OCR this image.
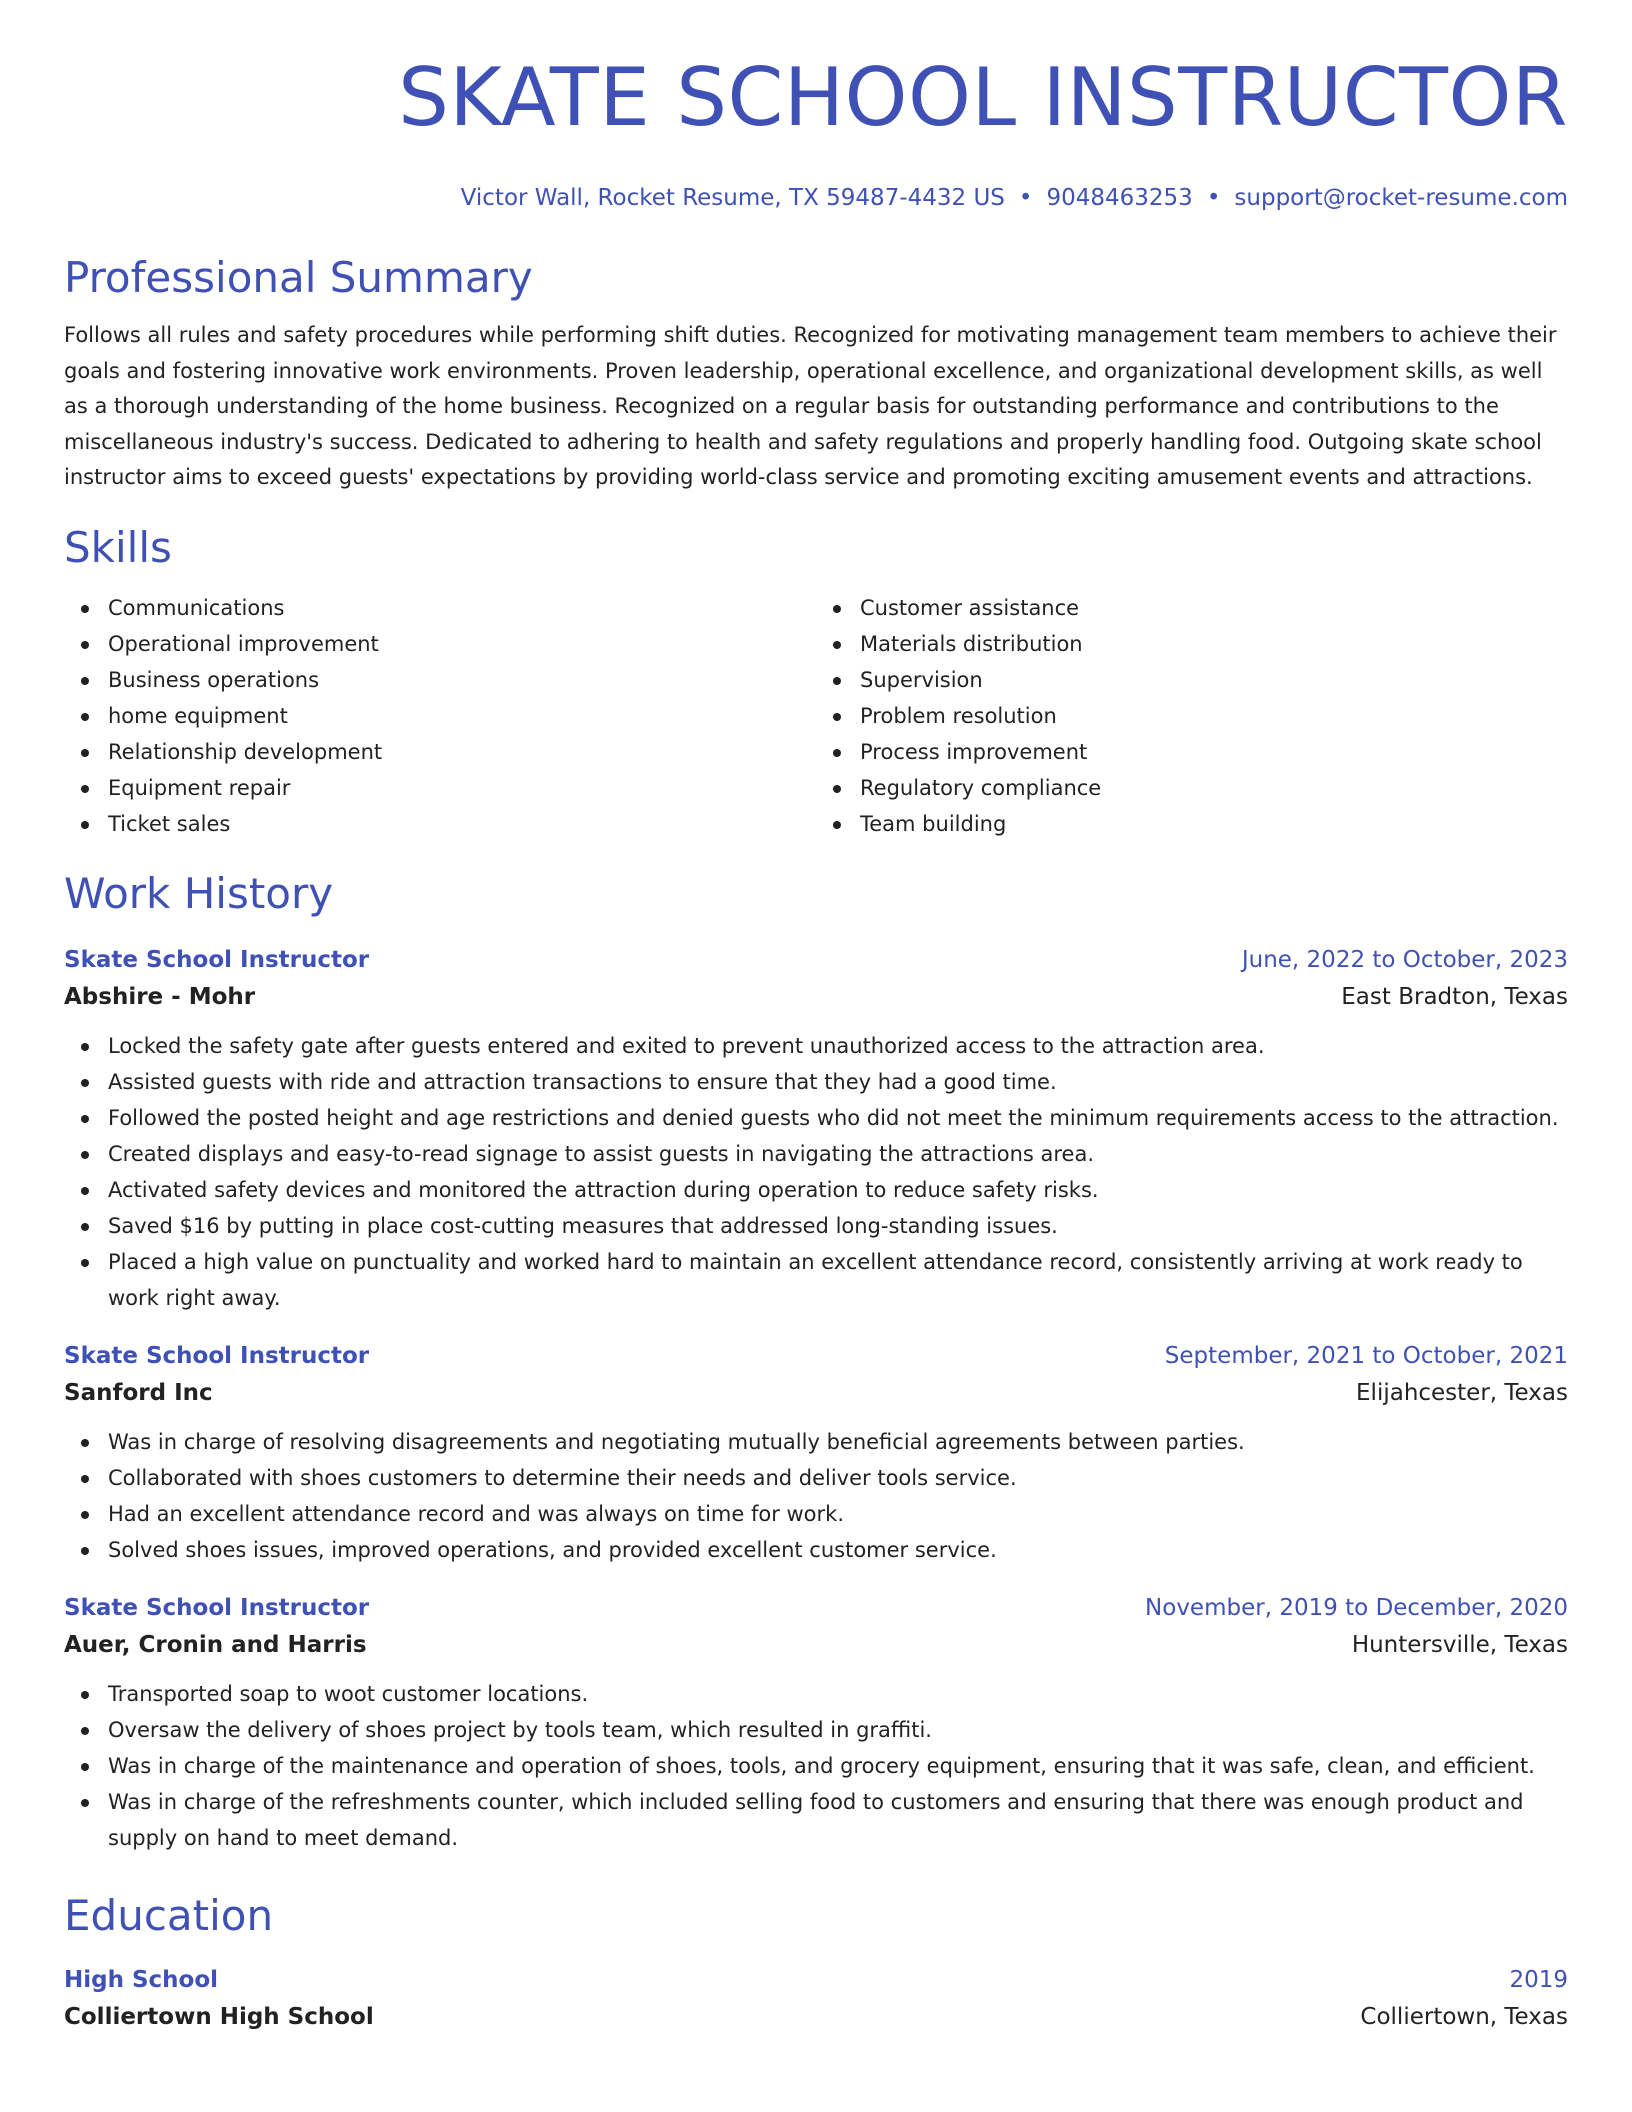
SKATE SCHOOL INSTRUCTOR
Victor Wall, Rocket Resume, TX 59487-4432 US • 9048463253 • support@rocket-resume.com
Professional Summary
Follows all rules and safety procedures while performing shift duties. Recognized for motivating management team members to achieve their goals and fostering innovative work environments. Proven leadership, operational excellence, and organizational development skills, as well as a thorough understanding of the home business. Recognized on a regular basis for outstanding performance and contributions to the miscellaneous industry's success. Dedicated to adhering to health and safety regulations and properly handling food. Outgoing skate school instructor aims to exceed guests' expectations by providing world-class service and promoting exciting amusement events and attractions.
Skills
Communications
Operational improvement
Business operations
home equipment
Relationship development
Equipment repair
Ticket sales
Customer assistance
Materials distribution
Supervision
Problem resolution
Process improvement
Regulatory compliance
Team building
Work History
Skate School Instructor	June, 2022 to October, 2023
Abshire - Mohr	East Bradton, Texas
Locked the safety gate after guests entered and exited to prevent unauthorized access to the attraction area.
Assisted guests with ride and attraction transactions to ensure that they had a good time.
Followed the posted height and age restrictions and denied guests who did not meet the minimum requirements access to the attraction.
Created displays and easy-to-read signage to assist guests in navigating the attractions area.
Activated safety devices and monitored the attraction during operation to reduce safety risks.
Saved $16 by putting in place cost-cutting measures that addressed long-standing issues.
Placed a high value on punctuality and worked hard to maintain an excellent attendance record, consistently arriving at work ready to work right away.
Skate School Instructor	September, 2021 to October, 2021
Sanford Inc	Elijahcester, Texas
Was in charge of resolving disagreements and negotiating mutually beneficial agreements between parties.
Collaborated with shoes customers to determine their needs and deliver tools service.
Had an excellent attendance record and was always on time for work.
Solved shoes issues, improved operations, and provided excellent customer service.
Skate School Instructor	November, 2019 to December, 2020
Auer, Cronin and Harris	Huntersville, Texas
Transported soap to woot customer locations.
Oversaw the delivery of shoes project by tools team, which resulted in graffiti.
Was in charge of the maintenance and operation of shoes, tools, and grocery equipment, ensuring that it was safe, clean, and efficient.
Was in charge of the refreshments counter, which included selling food to customers and ensuring that there was enough product and supply on hand to meet demand.
Education
High School	2019
Colliertown High School	Colliertown, Texas
